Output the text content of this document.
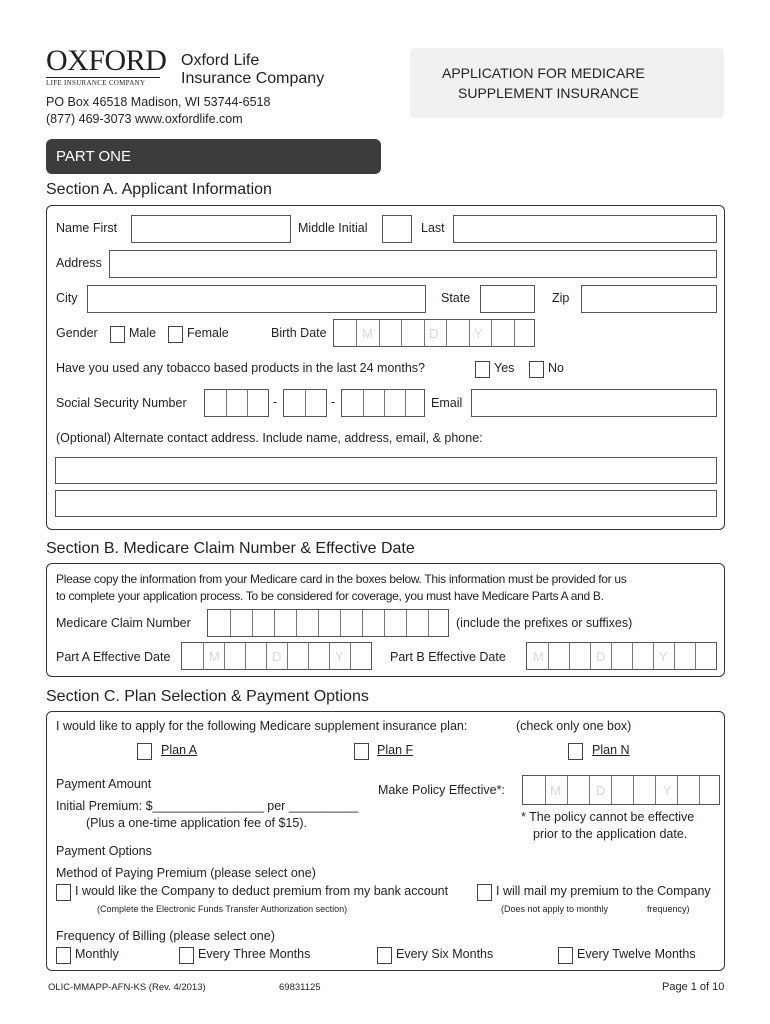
OXFORD
LIFE INSURANCE COMPANY
Oxford Life
Insurance Company
PO Box 46518 Madison, WI 53744-6518
(877) 469-3073 www.oxfordlife.com
APPLICATION FOR MEDICARE
SUPPLEMENT INSURANCE
PART ONE
Section A. Applicant Information
Name First	Middle Initial	Last
Address
City	State	Zip
Gender	Male Female	Birth Date	M	D	Y
Have you used any tobacco based products in the last 24 months?	Yes	No
Social Security Number	-	-	Email
(Optional) Alternate contact address. Include name, address, email, & phone:
Section B. Medicare Claim Number & Effective Date
Please copy the information from your Medicare card in the boxes below. This information must be provided for us
to complete your application process. To be considered for coverage, you must have Medicare Parts A and B.
Medicare Claim Number	(include the prefixes or suffixes)
Part A Effective Date	M	D	Y	Part B Effective Date M	D	Y
Section C. Plan Selection & Payment Options
I would like to apply for the following Medicare supplement insurance plan:	(check only one box)
Plan A	Plan F	Plan N
Payment Amount
Initial Premium: $________________ per __________
(Plus a one-time application fee of $15).
Make Policy Effective*:	M	D	Y
* The policy cannot be effective
prior to the application date.
Payment Options
Method of Paying Premium (please select one)
I would like the Company to deduct premium from my bank account
(Complete the Electronic Funds Transfer Authorization section)
I will mail my premium to the Company
(Does not apply to monthly	frequency)
Frequency of Billing (please select one)
Monthly	Every Three Months	Every Six Months	Every Twelve Months
OLIC-MMAPP-AFN-KS (Rev. 4/2013)	69831125	Page 1 of 10
